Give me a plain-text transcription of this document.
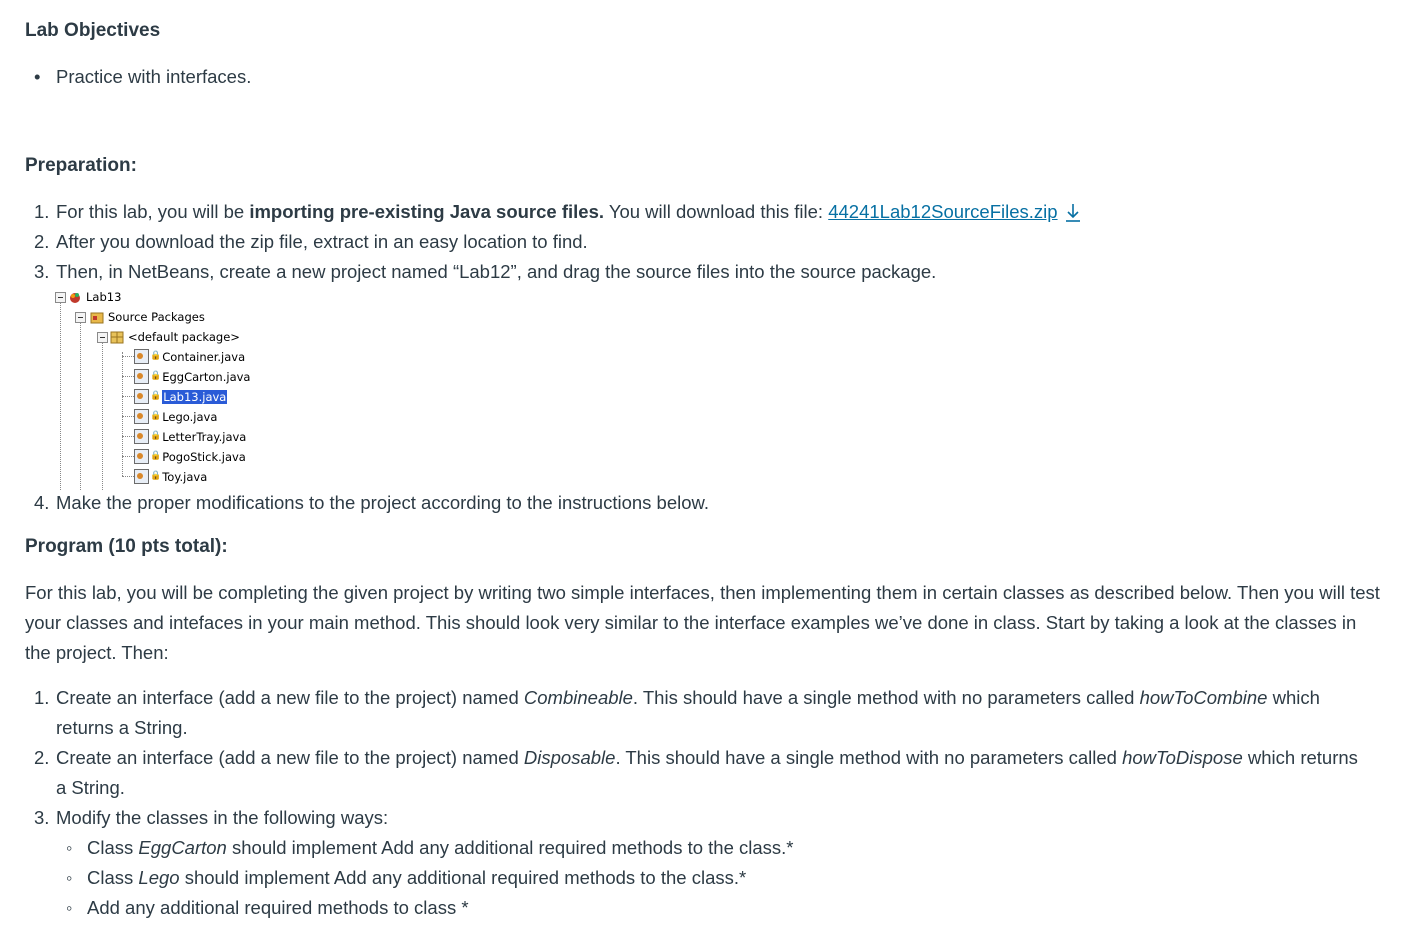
Lab Objectives
• Practice with interfaces.
Preparation:
1. For this lab, you will be importing pre-existing Java source files. You will download this file: 44241Lab12SourceFiles.zip
2. After you download the zip file, extract in an easy location to find.
3. Then, in NetBeans, create a new project named “Lab12”, and drag the source files into the source package.
Lab13
Source Packages
<default package>
🔒Container.java
🔒EggCarton.java
🔒 Lab13.java
🔒Lego.java
🔒LetterTray.java
🔒PogoStick.java
🔒Toy.java
4. Make the proper modifications to the project according to the instructions below.
Program (10 pts total):

For this lab, you will be completing the given project by writing two simple interfaces, then implementing them in certain classes as described below. Then you will test your classes and intefaces in your main method. This should look very similar to the interface examples we’ve done in class. Start by taking a look at the classes in the project. Then:

1. Create an interface (add a new file to the project) named Combineable. This should have a single method with no parameters called howToCombine which returns a String.
2. Create an interface (add a new file to the project) named Disposable. This should have a single method with no parameters called howToDispose which returns a String.
3. Modify the classes in the following ways:
◦ Class EggCarton should implement Add any additional required methods to the class.*
◦ Class Lego should implement Add any additional required methods to the class.*
◦ Add any additional required methods to class *
